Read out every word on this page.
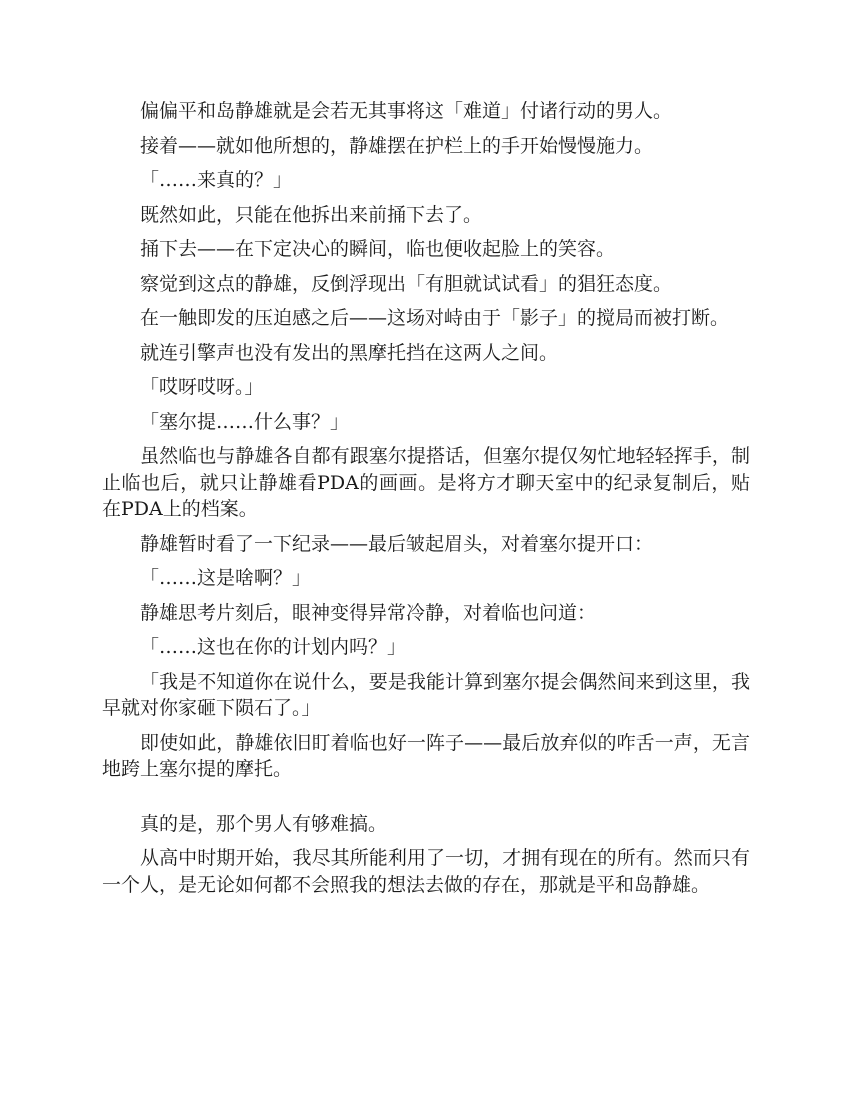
偏偏平和岛静雄就是会若无其事将这「难道」付诸行动的男人。

接着——就如他所想的，静雄摆在护栏上的手开始慢慢施力。

「……来真的？」

既然如此，只能在他拆出来前捅下去了。

捅下去——在下定决心的瞬间，临也便收起脸上的笑容。

察觉到这点的静雄，反倒浮现出「有胆就试试看」的猖狂态度。

在一触即发的压迫感之后——这场对峙由于「影子」的搅局而被打断。

就连引擎声也没有发出的黑摩托挡在这两人之间。

「哎呀哎呀。」

「塞尔提……什么事？」

虽然临也与静雄各自都有跟塞尔提搭话，但塞尔提仅匆忙地轻轻挥手，制止临也后，就只让静雄看PDA的画画。是将方才聊天室中的纪录复制后，贴在PDA上的档案。

静雄暂时看了一下纪录——最后皱起眉头，对着塞尔提开口：

「……这是啥啊？」

静雄思考片刻后，眼神变得异常冷静，对着临也问道：

「……这也在你的计划内吗？」

「我是不知道你在说什么，要是我能计算到塞尔提会偶然间来到这里，我早就对你家砸下陨石了。」

即使如此，静雄依旧盯着临也好一阵子——最后放弃似的咋舌一声，无言地跨上塞尔提的摩托。

真的是，那个男人有够难搞。

从高中时期开始，我尽其所能利用了一切，才拥有现在的所有。然而只有一个人，是无论如何都不会照我的想法去做的存在，那就是平和岛静雄。
